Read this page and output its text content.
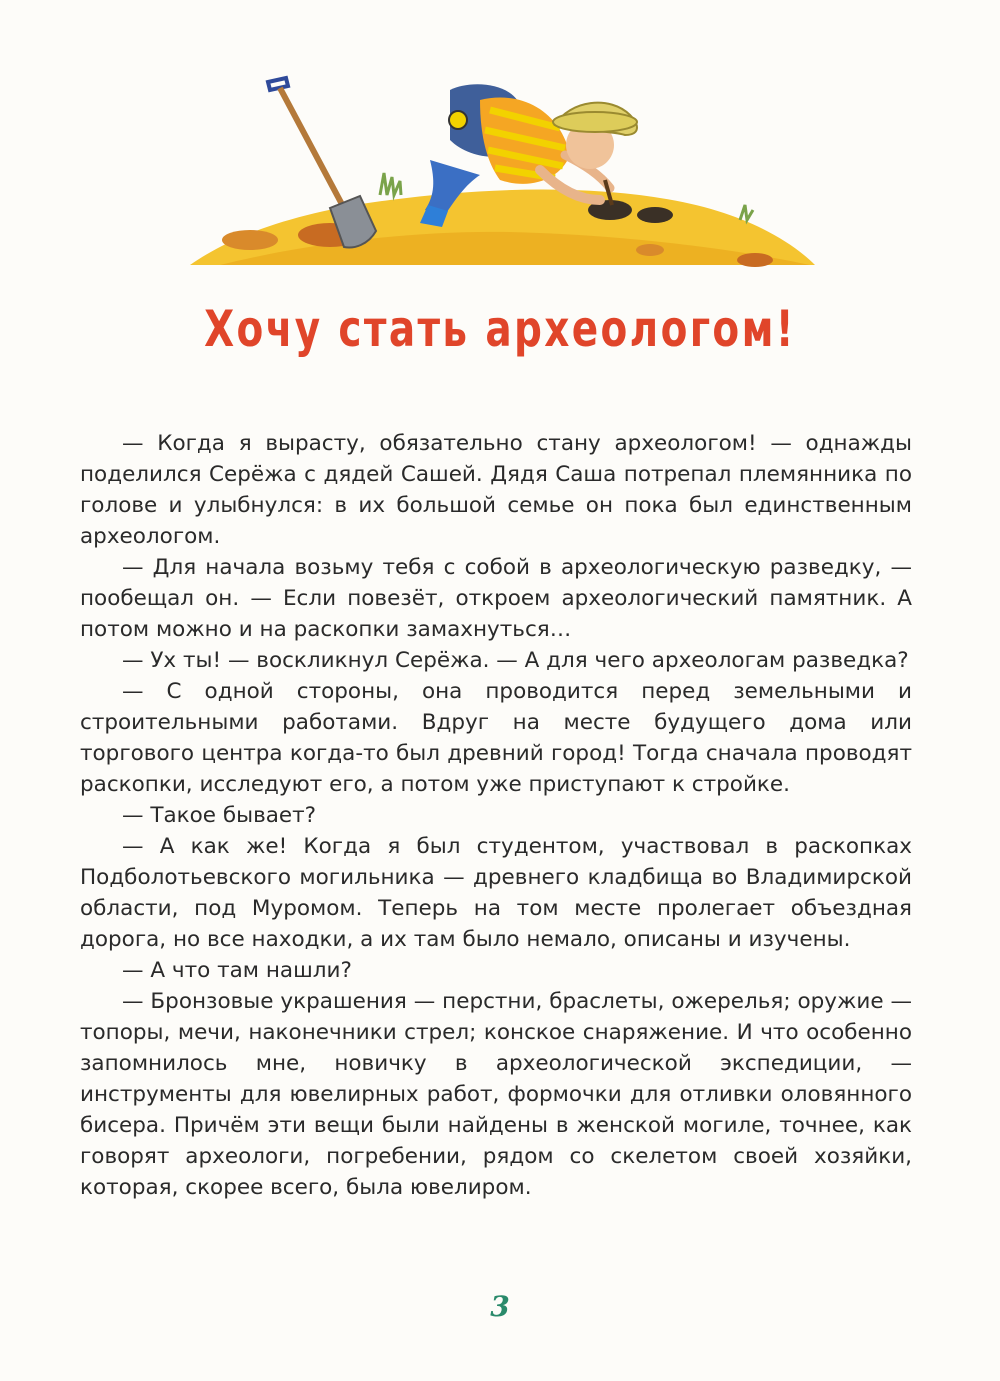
Хочу стать археологом!

— Когда я вырасту, обязательно стану археологом! — однажды поделился Серёжа с дядей Сашей. Дядя Саша потрепал племянника по голове и улыбнулся: в их большой семье он пока был единственным археологом.

— Для начала возьму тебя с собой в археологическую разведку, — пообещал он. — Если повезёт, откроем археологический памятник. А потом можно и на раскопки замахнуться…

— Ух ты! — воскликнул Серёжа. — А для чего археологам разведка?

— С одной стороны, она проводится перед земельными и строительными работами. Вдруг на месте будущего дома или торгового центра когда-то был древний город! Тогда сначала проводят раскопки, исследуют его, а потом уже приступают к стройке.

— Такое бывает?

— А как же! Когда я был студентом, участвовал в раскопках Подболотьевского могильника — древнего кладбища во Владимирской области, под Муромом. Теперь на том месте пролегает объездная дорога, но все находки, а их там было немало, описаны и изучены.

— А что там нашли?

— Бронзовые украшения — перстни, браслеты, ожерелья; оружие — топоры, мечи, наконечники стрел; конское снаряжение. И что особенно запомнилось мне, новичку в археологической экспедиции, — инструменты для ювелирных работ, формочки для отливки оловянного бисера. Причём эти вещи были найдены в женской могиле, точнее, как говорят археологи, погребении, рядом со скелетом своей хозяйки, которая, скорее всего, была ювелиром.

3
